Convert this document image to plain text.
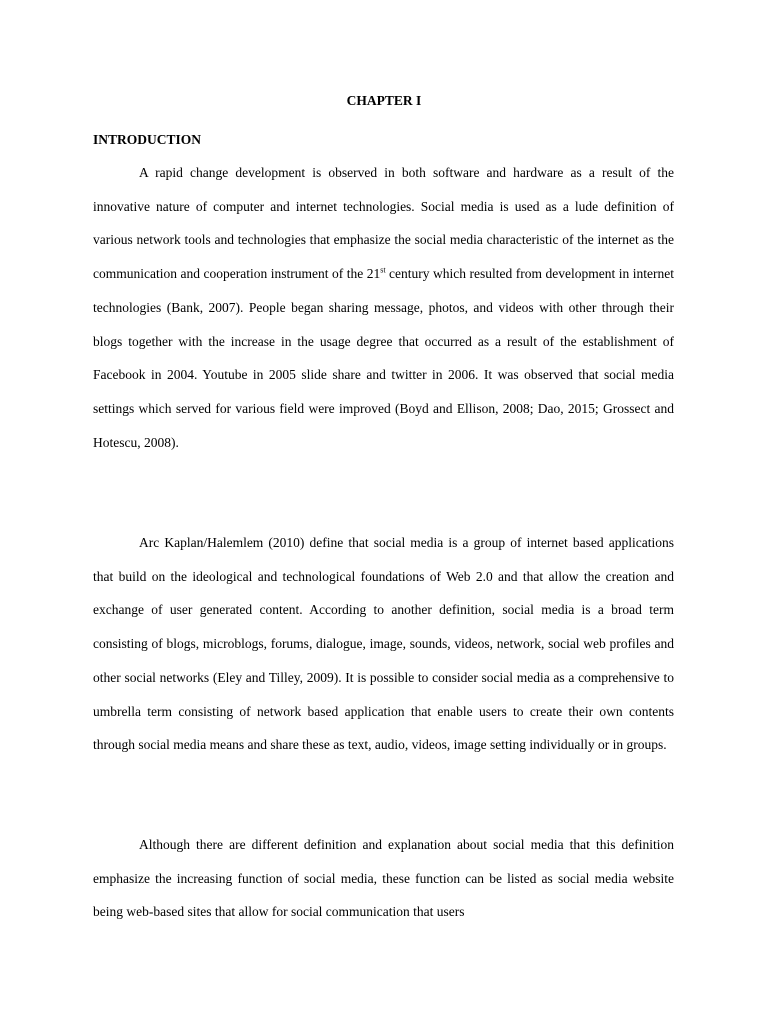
CHAPTER I
INTRODUCTION

A rapid change development is observed in both software and hardware as a result of the innovative nature of computer and internet technologies. Social media is used as a lude definition of various network tools and technologies that emphasize the social media characteristic of the internet as the communication and cooperation instrument of the 21st century which resulted from development in internet technologies (Bank, 2007). People began sharing message, photos, and videos with other through their blogs together with the increase in the usage degree that occurred as a result of the establishment of Facebook in 2004. Youtube in 2005 slide share and twitter in 2006. It was observed that social media settings which served for various field were improved (Boyd and Ellison, 2008; Dao, 2015; Grossect and Hotescu, 2008).

Arc Kaplan/Halemlem (2010) define that social media is a group of internet based applications that build on the ideological and technological foundations of Web 2.0 and that allow the creation and exchange of user generated content. According to another definition, social media is a broad term consisting of blogs, microblogs, forums, dialogue, image, sounds, videos, network, social web profiles and other social networks (Eley and Tilley, 2009). It is possible to consider social media as a comprehensive to umbrella term consisting of network based application that enable users to create their own contents through social media means and share these as text, audio, videos, image setting individually or in groups.

Although there are different definition and explanation about social media that this definition emphasize the increasing function of social media, these function can be listed as social media website being web-based sites that allow for social communication that users
